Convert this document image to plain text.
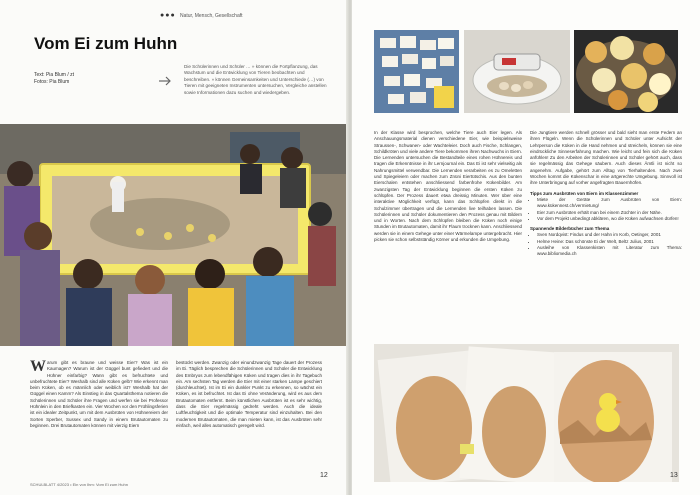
●●● Natur, Mensch, Gesellschaft
Vom Ei zum Huhn
Text: Pia Blum / zt
Fotos: Pia Blum
Die Schülerinnen und Schüler … » können die Fortpflanzung, das Wachstum und die Entwicklung von Tieren beobachten und beschreiben. » können Gemeinsamkeiten und Unterschiede (…) von Tieren mit geeigneten Instrumenten untersuchen, Vergleiche anstellen sowie Informationen dazu suchen und wiedergeben.
Warum gibt es braune und weisse Eier? Was ist ein Kaumagen? Warum ist der Güggel bunt gefiedert und die Hühner einfarbig? Wann gibt es befruchtete und unbefruchtete Eier? Weshalb sind alle Küken gelb? Wie erkennt man beim Küken, ob es männlich oder weiblich ist? Weshalb hat der Güggel einen Kamm? Als Einstieg in das Quartalsthema notieren die Schülerinnen und Schüler ihre Fragen und werfen sie bei Professor Hühnlein in den Briefkasten ein. Vier Wochen vor den Frühlingsferien ist ein idealer Zeitpunkt, um mit dem Ausbrüten von Hühnereiern der Sorten Sperber, Sussex und Sandy in einem Brutautomaten zu beginnen. Drei Brutautomaten können mit vierzig Eiern
bestückt werden. Zwanzig oder einundzwanzig Tage dauert der Prozess im Ei. Täglich besprechen die Schülerinnen und Schüler die Entwicklung des Embryos zum lebendfähigen Küken und tragen dies in ihr Tagebuch ein. Am sechsten Tag werden die Eier mit einer starken Lampe geschiert (durchleuchtet). Ist im Ei ein dunkler Punkt zu erkennen, so wächst ein Küken, es ist befruchtet. Ist das Ei ohne Veränderung, wird es aus dem Brutautomaten entfernt. Beim künstlichen Ausbrüten ist es sehr wichtig, dass die Eier regelmässig gedreht werden. Auch die ideale Luftfeuchtigkeit und die optimale Temperatur sind einzuhalten. Bei den modernen Brutautomaten, die man mieten kann, ist das Ausbrüten sehr einfach, weil alles automatisch geregelt wird.
SCHULBLATT 4/2023 • Ein von Ihm: Vom Ei zum Huhn
12
In der Klasse wird besprochen, welche Tiere auch Eier legen. Als Anschauungsmaterial dienen verschiedene Eier, wie beispielsweise Straussen-, Schwanen- oder Wachteleier. Doch auch Fische, Schlangen, Schildkröten und viele andere Tiere bekommen ihren Nachwuchs in Eiern. Die Lernenden untersuchen die Bestandteile eines rohen Hühnereis und tragen die Erkenntnisse in ihr Lernjournal ein. Das Ei ist sehr vielseitig als Nahrungsmittel verwendbar. Die Lernenden verarbeiten es zu Omeletten und Spiegeleiern oder machen zum Znüni Eiertütschis. Aus den bunten Eierschalen entstehen anschliessend farbenfrohe Kükenbilder. Am zwanzigsten Tag der Entwicklung beginnen die ersten Küken zu schlüpfen. Der Prozess dauert etwa dreissig Minuten. Wer über eine interaktive Möglichkeit verfügt, kann das Schlüpfen direkt in die Schulzimmer übertragen und die Lernenden live teilhaben lassen. Die Schülerinnen und Schüler dokumentieren den Prozess genau mit Bildern und in Worten. Nach dem Schlüpfen bleiben die Küken noch einige Stunden im Brutautomaten, damit ihr Flaum trocknen kann. Anschliessend werden sie in einem Gehege unter einer Wärmelampe untergebracht. Hier picken sie schon selbstständig Körner und erkunden die Umgebung.
Die Jungtiere werden schnell grösser und bald sieht man erste Federn an ihren Flügeln. Wenn die Schülerinnen und Schüler unter Aufsicht der Lehrperson die Küken in die Hand nehmen und streicheln, können sie eine eindrückliche Sinneserfahrung machen. Wie leicht und fein sich die Küken anfühlen! Zu den Arbeiten der Schülerinnen und Schüler gehört auch, dass sie regelmässig das Gehege säubern. Auch dieses Ämtli ist nicht so angenehm. Aufgabe, gehört zum Alltag von Tierhaltenden. Nach zwei Wochen kommt die Kükenschar in eine artgerechte Umgebung. Sinnvoll ist ihre Unterbringung auf vorher angefragten Bauernhöfen.
Tipps zum Ausbrüten von Eiern im Klassenzimmer
• Miete der Geräte zum Ausbrüten von Eiern: www.kükennest.ch/vermietung/
• Eier zum Ausbrüten erhält man bei einem Züchter in der Nähe.
• Vor dem Projekt unbedingt abklären, wo die Küken aufwachsen dürfen!
Spannende Bilderbücher zum Thema
• Sven Nordqvist: Findus und der Hahn im Korb, Oetinger, 2001
• Helme Heine: Das schönste Ei der Welt, Beltz Julius, 2001
• Ausleihe von Klassenkisten mit Literatur zum Thema: www.bibliomedia.ch
13
